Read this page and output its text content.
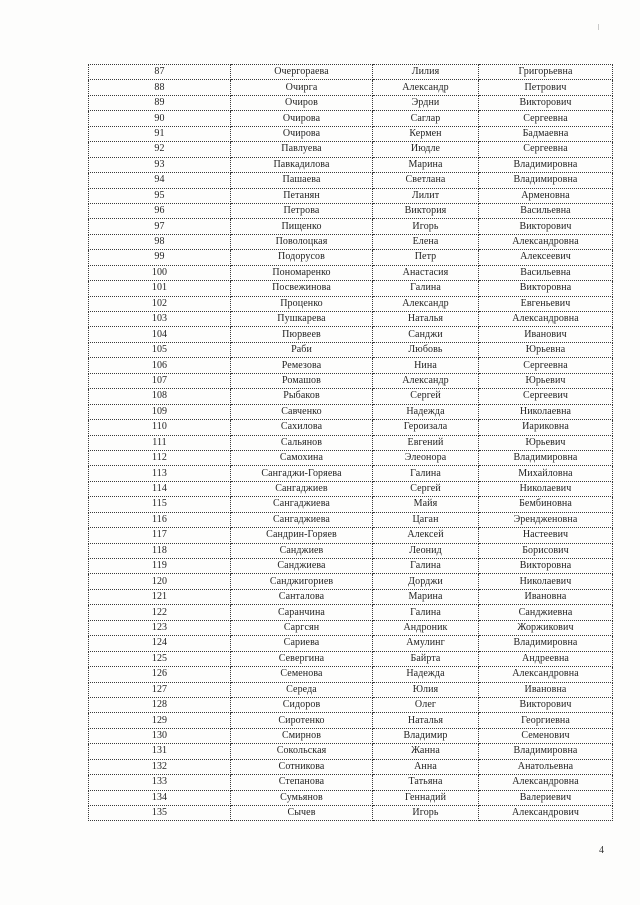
87	Очергораева	Лилия	Григорьевна
88	Очирга	Александр	Петрович
89	Очиров	Эрдни	Викторович
90	Очирова	Саглар	Сергеевна
91	Очирова	Кермен	Бадмаевна
92	Павлуева	Июдле	Сергеевна
93	Павкадилова	Марина	Владимировна
94	Пашаева	Светлана	Владимировна
95	Петанян	Лилит	Арменовна
96	Петрова	Виктория	Васильевна
97	Пищенко	Игорь	Викторович
98	Поволоцкая	Елена	Александровна
99	Подорусов	Петр	Алексеевич
100	Пономаренко	Анастасия	Васильевна
101	Посвежинова	Галина	Викторовна
102	Проценко	Александр	Евгеньевич
103	Пушкарева	Наталья	Александровна
104	Пюрвеев	Санджи	Иванович
105	Раби	Любовь	Юрьевна
106	Ремезова	Нина	Сергеевна
107	Ромашов	Александр	Юрьевич
108	Рыбаков	Сергей	Сергеевич
109	Савченко	Надежда	Николаевна
110	Сахилова	Героизала	Иариковна
111	Сальянов	Евгений	Юрьевич
112	Самохина	Элеонора	Владимировна
113	Сангаджи-Горяева	Галина	Михайловна
114	Сангаджиев	Сергей	Николаевич
115	Сангаджиева	Майя	Бембиновна
116	Сангаджиева	Цаган	Эрендженовна
117	Сандрин-Горяев	Алексей	Настеевич
118	Санджиев	Леонид	Борисович
119	Санджиева	Галина	Викторовна
120	Санджигориев	Дорджи	Николаевич
121	Санталова	Марина	Ивановна
122	Саранчина	Галина	Санджиевна
123	Саргсян	Андроник	Жоржикович
124	Сариева	Амулинг	Владимировна
125	Севергина	Байрта	Андреевна
126	Семенова	Надежда	Александровна
127	Середа	Юлия	Ивановна
128	Сидоров	Олег	Викторович
129	Сиротенко	Наталья	Георгиевна
130	Смирнов	Владимир	Семенович
131	Сокольская	Жанна	Владимировна
132	Сотникова	Анна	Анатольевна
133	Степанова	Татьяна	Александровна
134	Сумьянов	Геннадий	Валериевич
135	Сычев	Игорь	Александрович
4
